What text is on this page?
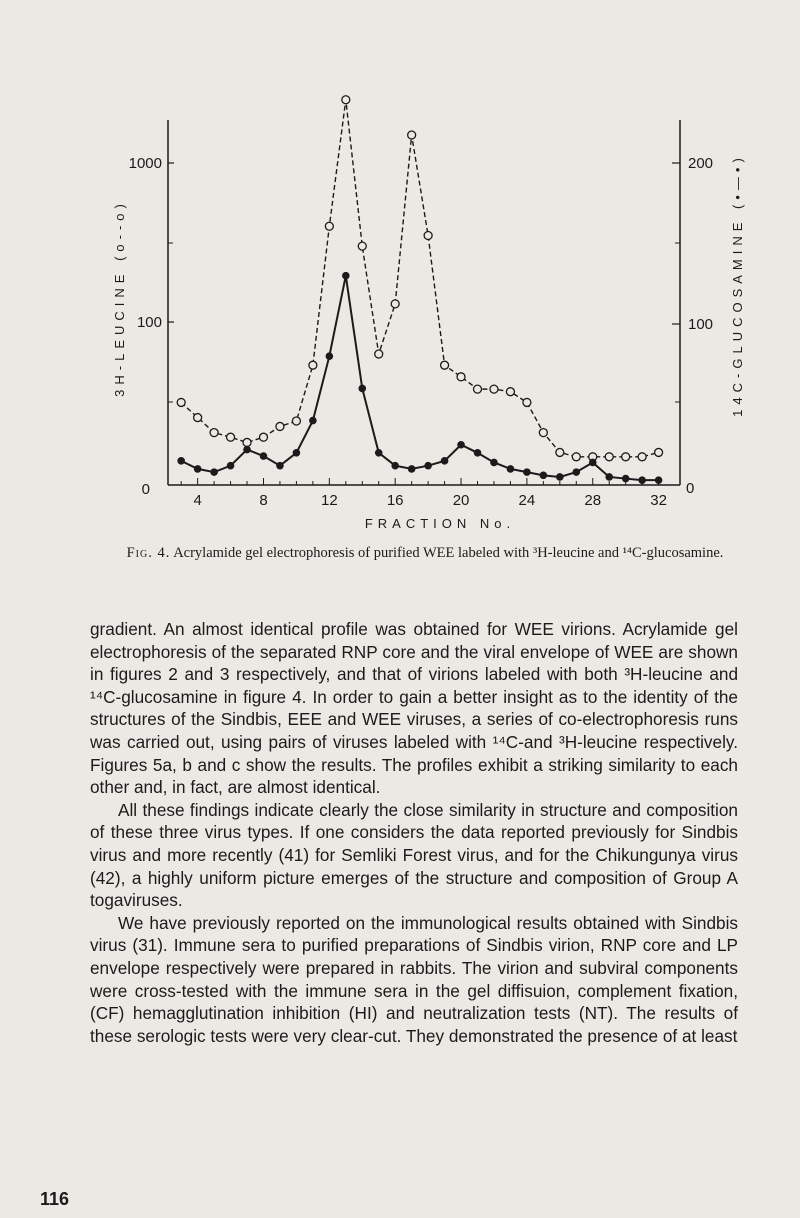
1000
100
0
200
100
0
4	8	12	16	20	24	28	32
FRACTION No.
3H-LEUCINE (o--o)	14C-GLUCOSAMINE (•—•)
Fig. 4. Acrylamide gel electrophoresis of purified WEE labeled with ³H-leucine and ¹⁴C-glucosamine.

gradient. An almost identical profile was obtained for WEE virions. Acrylamide gel electrophoresis of the separated RNP core and the viral envelope of WEE are shown in figures 2 and 3 respectively, and that of virions labeled with both ³H-leucine and ¹⁴C-glucosamine in figure 4. In order to gain a better insight as to the identity of the structures of the Sindbis, EEE and WEE viruses, a series of co-electrophoresis runs was carried out, using pairs of viruses labeled with ¹⁴C-and ³H-leucine respectively. Figures 5a, b and c show the results. The profiles exhibit a striking similarity to each other and, in fact, are almost identical.

All these findings indicate clearly the close similarity in structure and composition of these three virus types. If one considers the data reported previously for Sindbis virus and more recently (41) for Semliki Forest virus, and for the Chikungunya virus (42), a highly uniform picture emerges of the structure and composition of Group A togaviruses.

We have previously reported on the immunological results obtained with Sindbis virus (31). Immune sera to purified preparations of Sindbis virion, RNP core and LP envelope respectively were prepared in rabbits. The virion and subviral components were cross-tested with the immune sera in the gel diffisuion, complement fixation, (CF) hemagglutination inhibition (HI) and neutralization tests (NT). The results of these serologic tests were very clear-cut. They demonstrated the presence of at least

116
